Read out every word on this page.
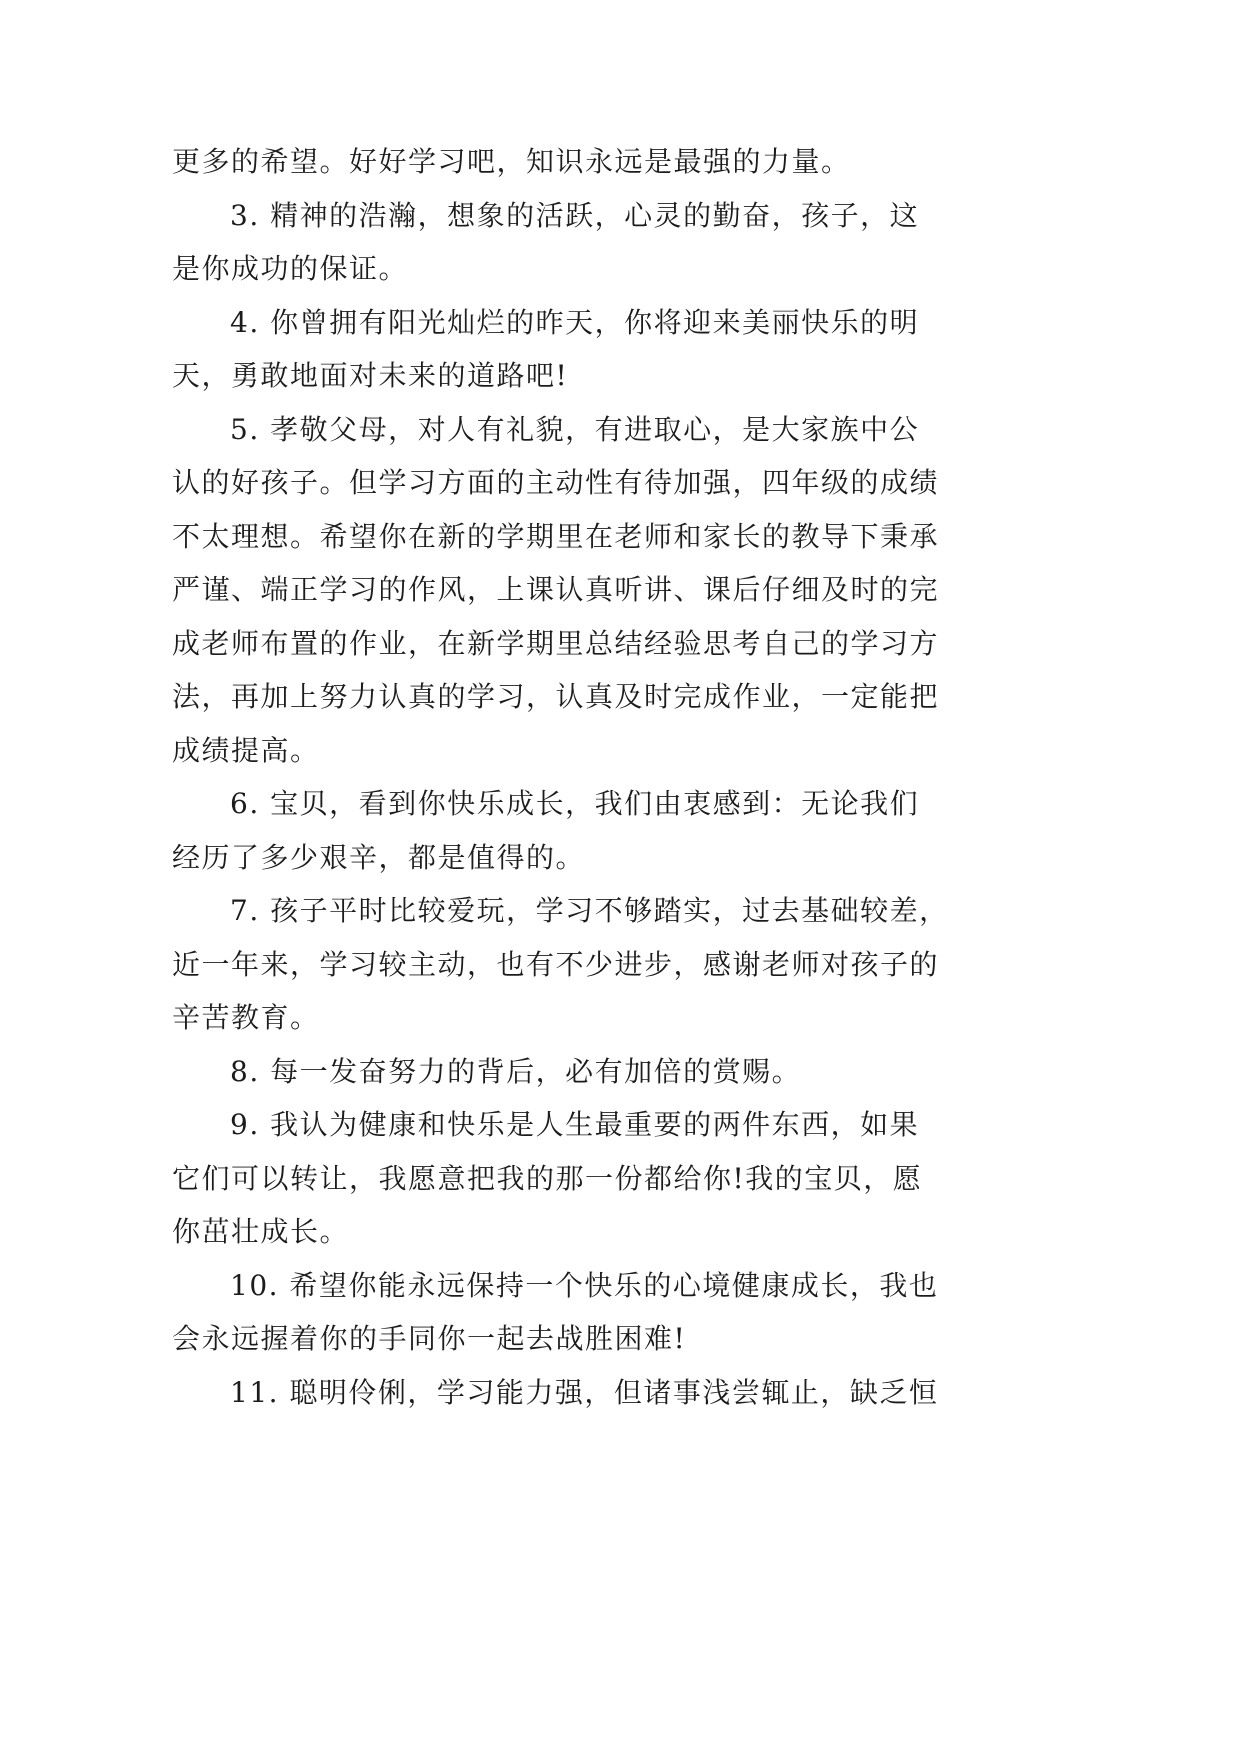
更多的希望。好好学习吧，知识永远是最强的力量。
3. 精神的浩瀚，想象的活跃，心灵的勤奋，孩子，这
是你成功的保证。
4. 你曾拥有阳光灿烂的昨天，你将迎来美丽快乐的明
天，勇敢地面对未来的道路吧!
5. 孝敬父母，对人有礼貌，有进取心，是大家族中公
认的好孩子。但学习方面的主动性有待加强，四年级的成绩
不太理想。希望你在新的学期里在老师和家长的教导下秉承
严谨、端正学习的作风，上课认真听讲、课后仔细及时的完
成老师布置的作业，在新学期里总结经验思考自己的学习方
法，再加上努力认真的学习，认真及时完成作业，一定能把
成绩提高。
6. 宝贝，看到你快乐成长，我们由衷感到：无论我们
经历了多少艰辛，都是值得的。
7. 孩子平时比较爱玩，学习不够踏实，过去基础较差，
近一年来，学习较主动，也有不少进步，感谢老师对孩子的
辛苦教育。
8. 每一发奋努力的背后，必有加倍的赏赐。
9. 我认为健康和快乐是人生最重要的两件东西，如果
它们可以转让，我愿意把我的那一份都给你!我的宝贝，愿
你茁壮成长。
10. 希望你能永远保持一个快乐的心境健康成长，我也
会永远握着你的手同你一起去战胜困难!
11. 聪明伶俐，学习能力强，但诸事浅尝辄止，缺乏恒
